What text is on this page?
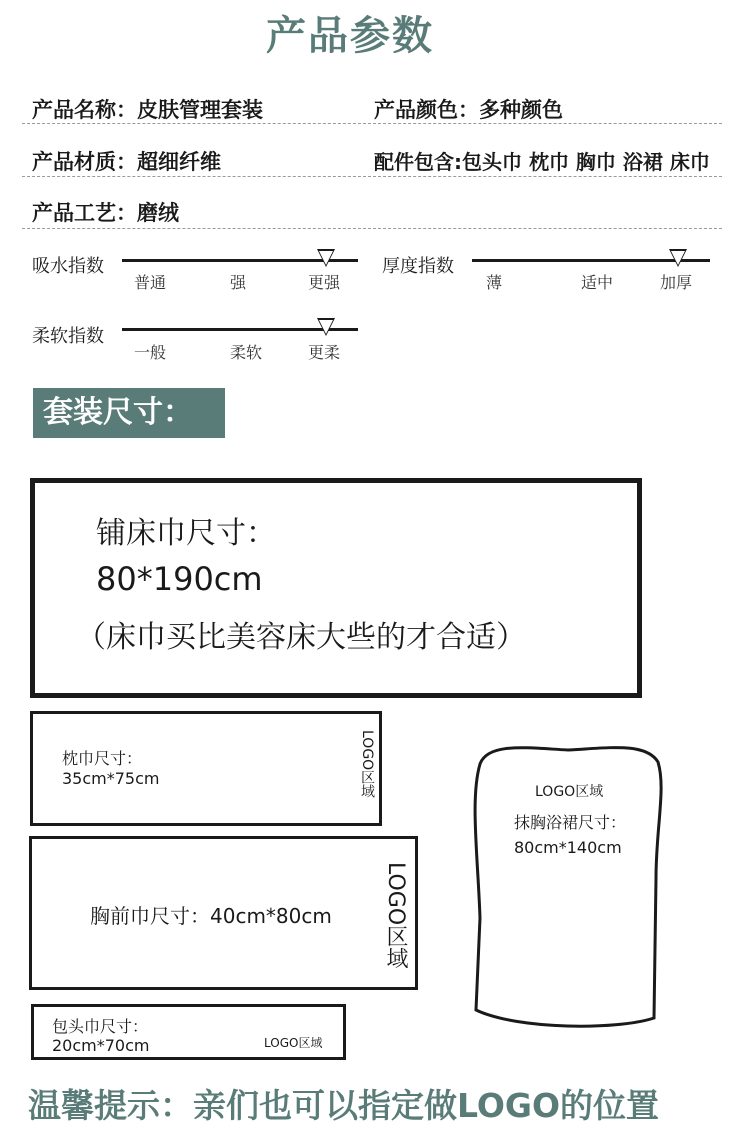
产品参数
产品名称：皮肤管理套装	产品颜色：多种颜色
产品材质：超细纤维	配件包含:包头巾 枕巾 胸巾 浴裙 床巾
产品工艺：磨绒
吸水指数
普通	强	更强
厚度指数
薄	适中	加厚
柔软指数
一般	柔软	更柔
套装尺寸：
铺床巾尺寸：
80*190cm
（床巾买比美容床大些的才合适）
枕巾尺寸：
35cm*75cm	LOGO区域
胸前巾尺寸：40cm*80cm LOGO区域
包头巾尺寸：
20cm*70cm	LOGO区域
LOGO区域
抹胸浴裙尺寸：
80cm*140cm
温馨提示：亲们也可以指定做LOGO的位置
